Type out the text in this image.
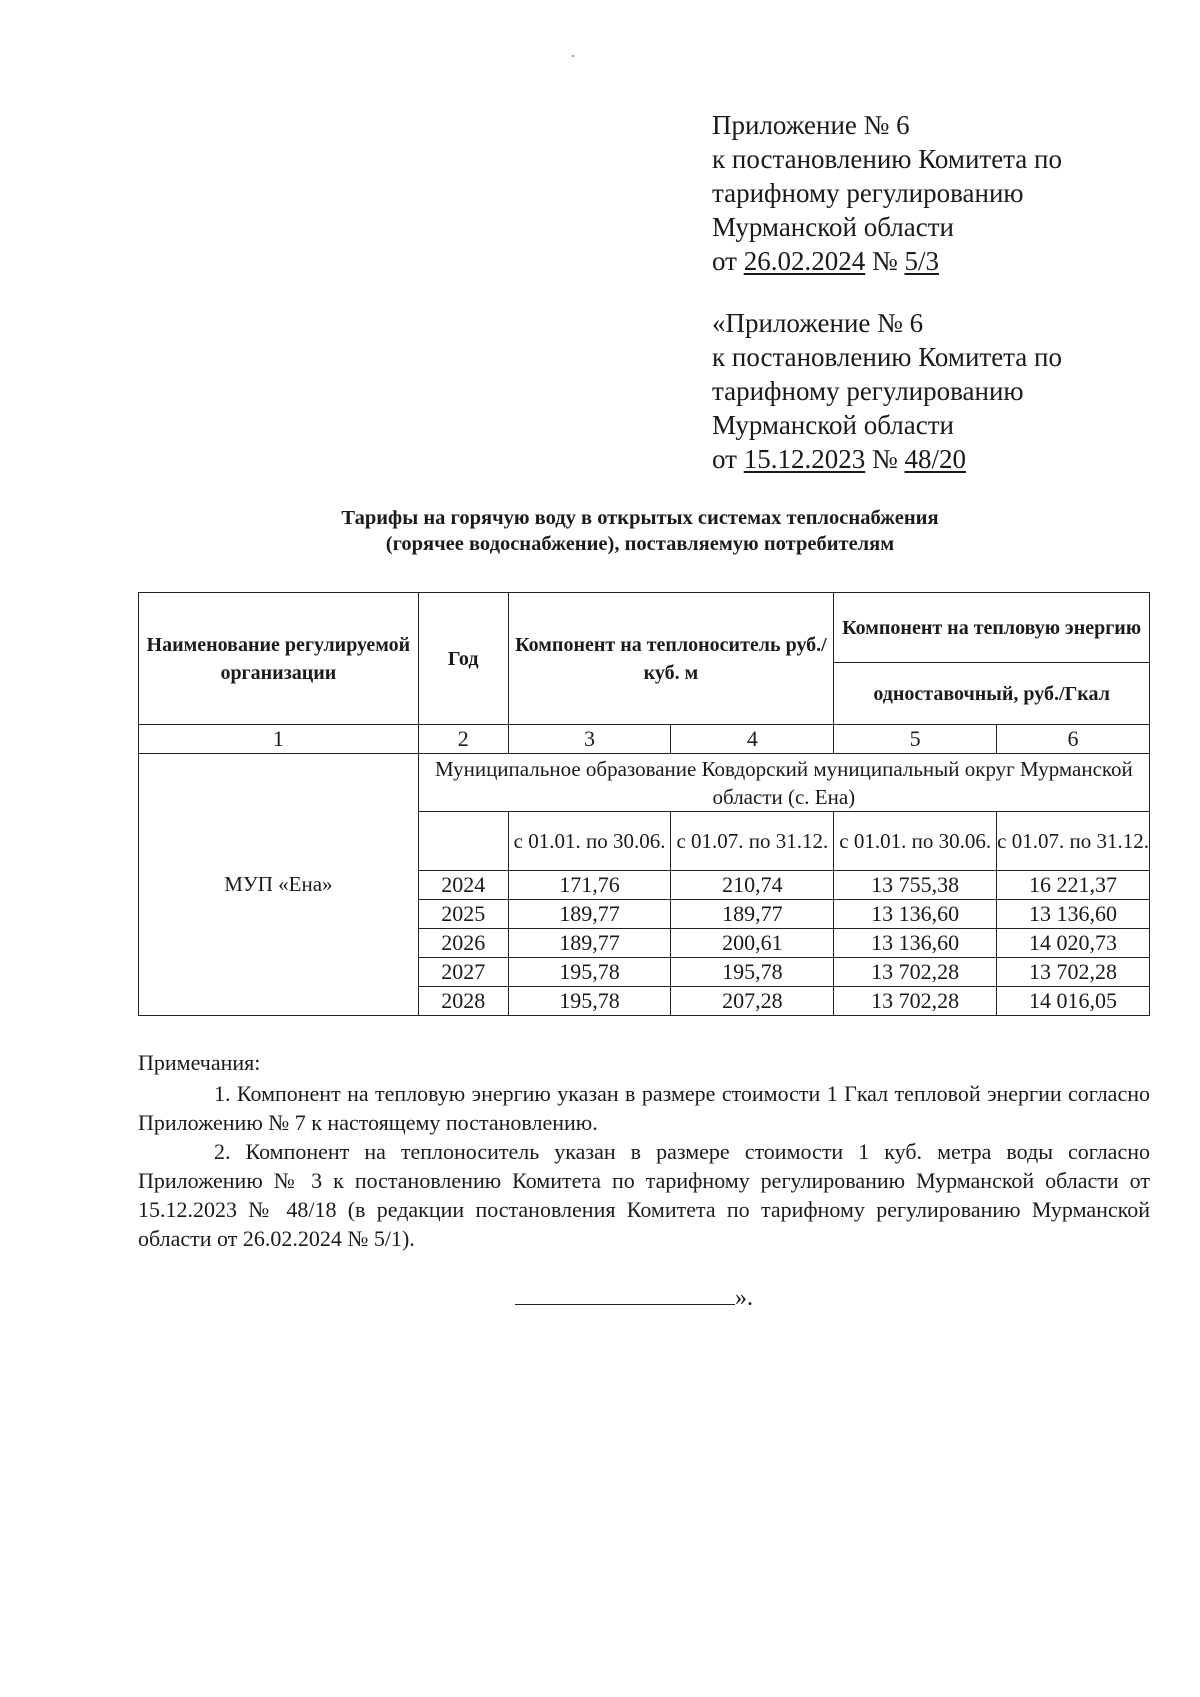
Приложение № 6
к постановлению Комитета по
тарифному регулированию
Мурманской области
от 26.02.2024 № 5/3
«Приложение № 6
к постановлению Комитета по
тарифному регулированию
Мурманской области
от 15.12.2023 № 48/20
Тарифы на горячую воду в открытых системах теплоснабжения
(горячее водоснабжение), поставляемую потребителям
Наименование регулируемой организации	Год	Компонент на теплоноситель руб./куб. м		Компонент на тепловую энергию	
				одноставочный, руб./Гкал	
1	2	3	4	5	6
МУП «Ена»	Муниципальное образование Ковдорский муниципальный округ Мурманской области (с. Ена)				
		с 01.01. по 30.06.	с 01.07. по 31.12.	с 01.01. по 30.06.	с 01.07. по 31.12.
	2024	171,76	210,74	13 755,38	16 221,37
	2025	189,77	189,77	13 136,60	13 136,60
	2026	189,77	200,61	13 136,60	14 020,73
	2027	195,78	195,78	13 702,28	13 702,28
	2028	195,78	207,28	13 702,28	14 016,05

Примечания:

1. Компонент на тепловую энергию указан в размере стоимости 1 Гкал тепловой энергии согласно Приложению № 7 к настоящему постановлению.

2. Компонент на теплоноситель указан в размере стоимости 1 куб. метра воды согласно Приложению № 3 к постановлению Комитета по тарифному регулированию Мурманской области от 15.12.2023 № 48/18 (в редакции постановления Комитета по тарифному регулированию Мурманской области от 26.02.2024 № 5/1).

».
